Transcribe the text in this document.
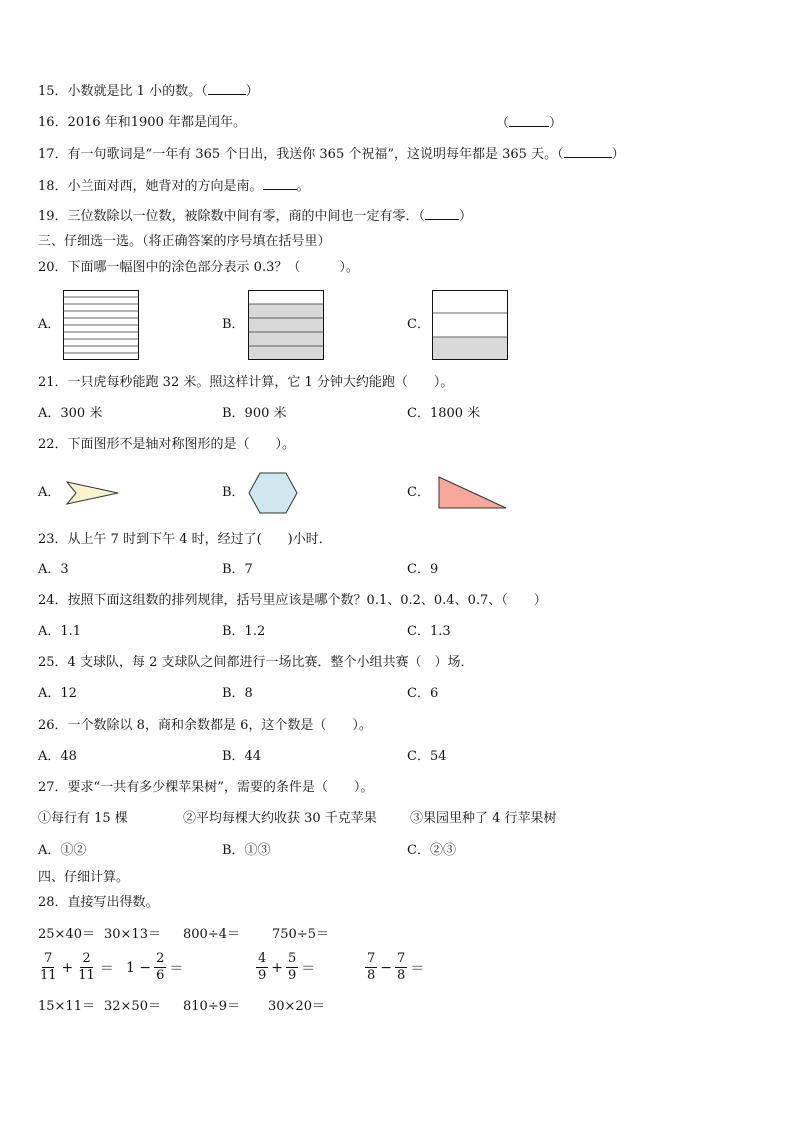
15．小数就是比 1 小的数。（	）
16．2016 年和1900 年都是闰年。	（	）
17．有一句歌词是“一年有 365 个日出，我送你 365 个祝福”，这说明每年都是 365 天。（	）
18．小兰面对西，她背对的方向是南。	。
19．三位数除以一位数，被除数中间有零，商的中间也一定有零．（	）
三、仔细选一选。（将正确答案的序号填在括号里）
20．下面哪一幅图中的涂色部分表示 0.3？（　　　）。
A．	B．	C．
21．一只虎每秒能跑 32 米。照这样计算，它 1 分钟大约能跑（　　）。
A．300 米	B．900 米	C．1800 米
22．下面图形不是轴对称图形的是（　　）。
A．	B．	C．
23．从上午 7 时到下午 4 时，经过了(　　)小时．
A．3	B．7	C．9
24．按照下面这组数的排列规律，括号里应该是哪个数？0.1、0.2、0.4、0.7、（　　）
A．1.1	B．1.2	C．1.3
25．4 支球队，每 2 支球队之间都进行一场比赛．整个小组共赛（　）场．
A．12	B．8	C．6
26．一个数除以 8，商和余数都是 6，这个数是（　　）。
A．48	B．44	C．54
27．要求“一共有多少棵苹果树”，需要的条件是（　　）。
①每行有 15 棵	②平均每棵大约收获 30 千克苹果	③果园里种了 4 行苹果树
A．①②	B．①③	C．②③
四、仔细计算。
28．直接写出得数。
25×40＝ 30×13＝ 800÷4＝ 750÷5＝
$\frac{7}{11} + \frac{2}{11} = 1 - \frac{2}{6}$ ＝	$\frac{4}{9} + \frac{5}{9}$ ＝	$\frac{7}{8} - \frac{7}{8}$ ＝
15×11＝ 32×50＝ 810÷9＝ 30×20＝
